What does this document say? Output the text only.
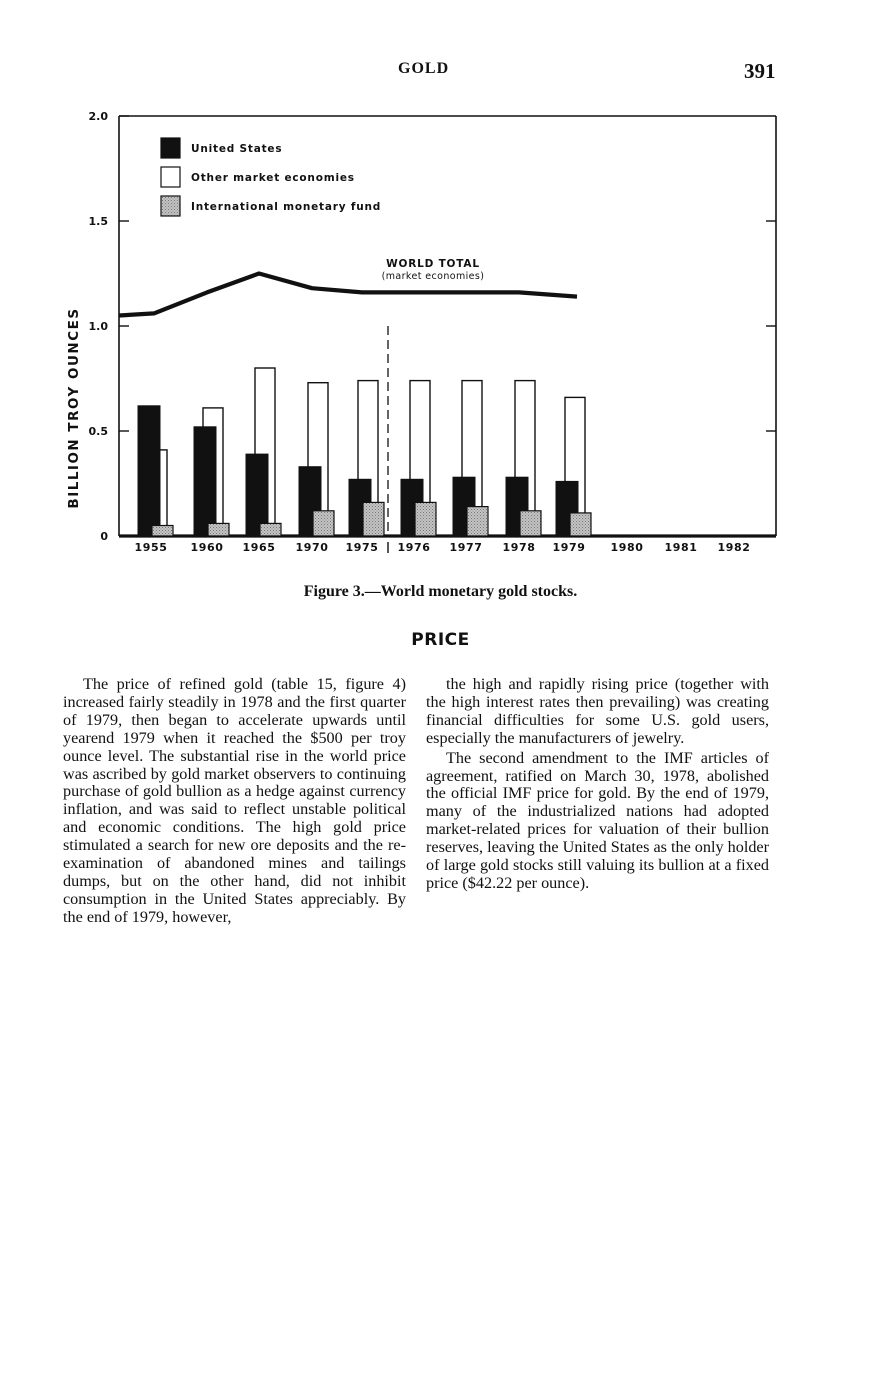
GOLD	391
0
0.5
1.0
1.5
2.0
1955 1960 1965 1970 1975 1976 1977 1978 1979 1980 1981 1982
United States
Other market economies
International monetary fund
BILLION TROY OUNCES
WORLD TOTAL
(market economies)
Figure 3.—World monetary gold stocks.
PRICE

The price of refined gold (table 15, figure 4) increased fairly steadily in 1978 and the first quarter of 1979, then began to accelerate upwards until yearend 1979 when it reached the $500 per troy ounce level. The substantial rise in the world price was ascribed by gold market observers to continuing purchase of gold bullion as a hedge against currency inflation, and was said to reflect unstable political and economic conditions. The high gold price stimulated a search for new ore deposits and the reexamination of abandoned mines and tailings dumps, but on the other hand, did not inhibit consumption in the United States appreciably. By the end of 1979, however,

the high and rapidly rising price (together with the high interest rates then prevailing) was creating financial difficulties for some U.S. gold users, especially the manufacturers of jewelry.

The second amendment to the IMF articles of agreement, ratified on March 30, 1978, abolished the official IMF price for gold. By the end of 1979, many of the industrialized nations had adopted market-related prices for valuation of their bullion reserves, leaving the United States as the only holder of large gold stocks still valuing its bullion at a fixed price ($42.22 per ounce).
